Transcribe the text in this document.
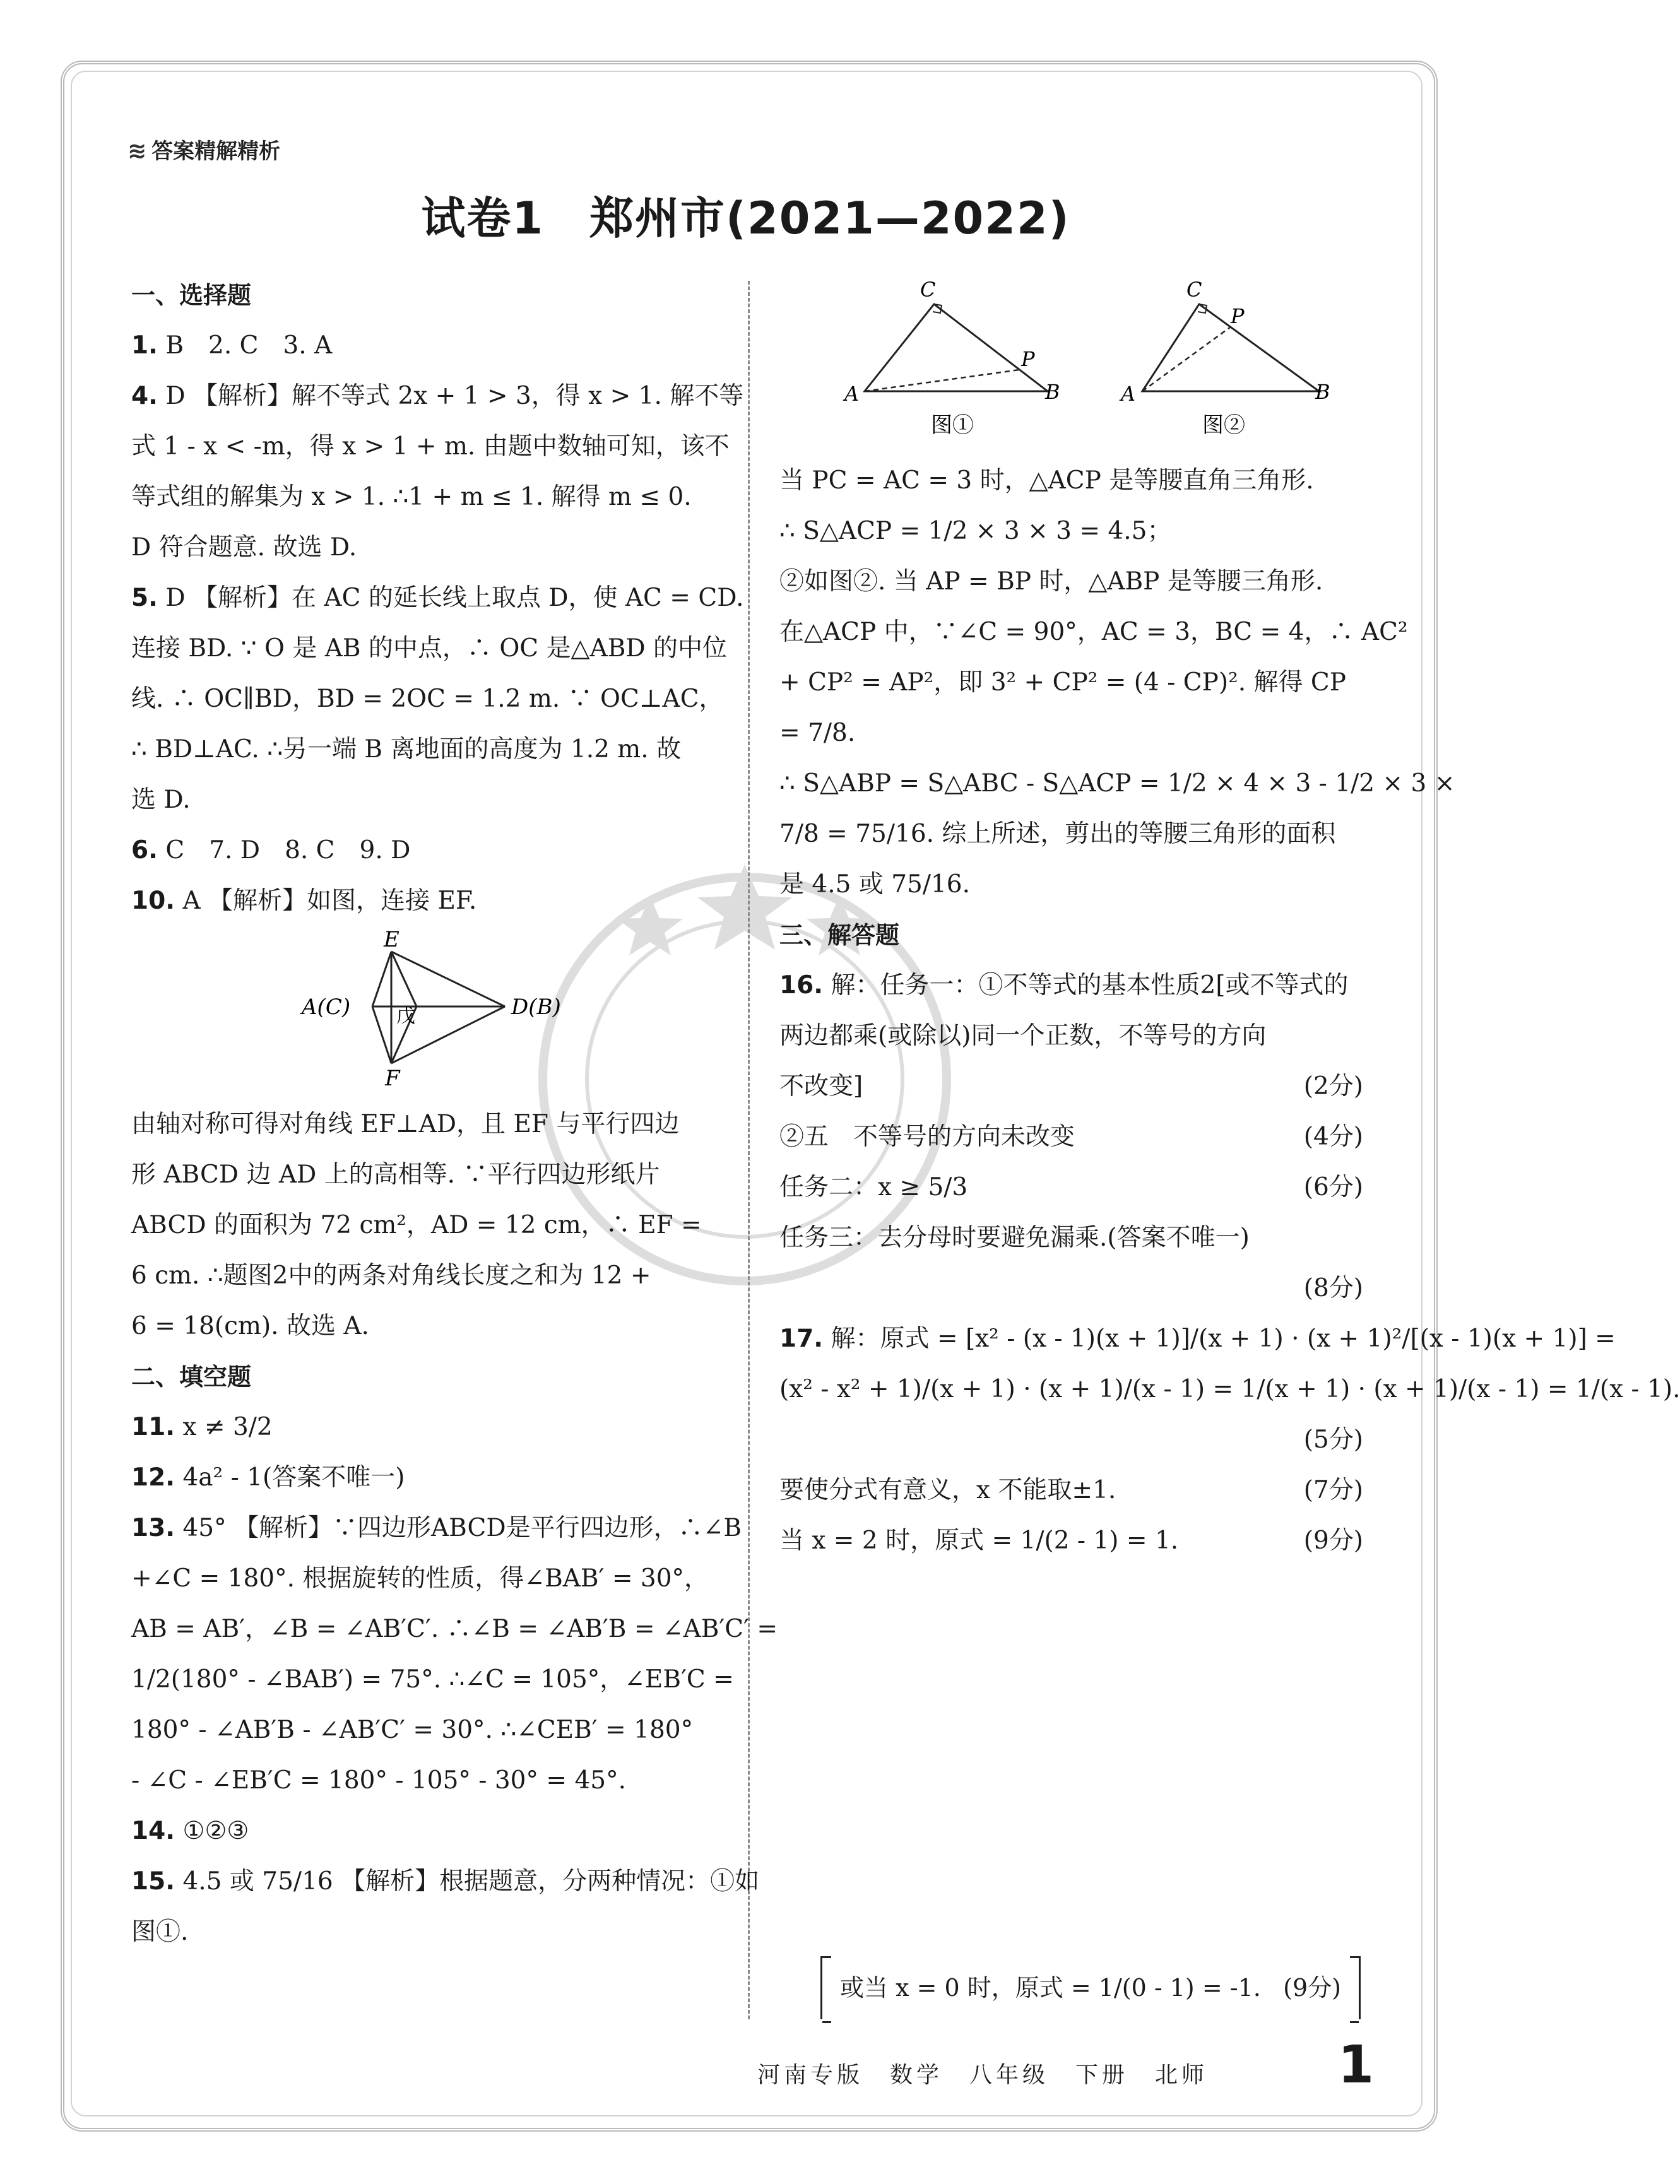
≋ 答案精解精析
试卷1　郑州市(2021—2022)
一、选择题
1. B　2. C　3. A
4. D 【解析】解不等式 2x + 1 > 3，得 x > 1. 解不等
式 1 - x < -m，得 x > 1 + m. 由题中数轴可知，该不
等式组的解集为 x > 1. ∴1 + m ≤ 1. 解得 m ≤ 0.
D 符合题意. 故选 D.
5. D 【解析】在 AC 的延长线上取点 D，使 AC = CD.
连接 BD. ∵ O 是 AB 的中点，∴ OC 是△ABD 的中位
线. ∴ OC∥BD，BD = 2OC = 1.2 m. ∵ OC⊥AC，
∴ BD⊥AC. ∴另一端 B 离地面的高度为 1.2 m. 故
选 D.
6. C　7. D　8. C　9. D
10. A 【解析】如图，连接 EF.
E
F
A(C)	D(B)
戊
由轴对称可得对角线 EF⊥AD，且 EF 与平行四边
形 ABCD 边 AD 上的高相等. ∵平行四边形纸片
ABCD 的面积为 72 cm²，AD = 12 cm，∴ EF =
6 cm. ∴题图2中的两条对角线长度之和为 12 +
6 = 18(cm). 故选 A.
二、填空题
11. x ≠ 3/2
12. 4a² - 1(答案不唯一)
13. 45° 【解析】∵四边形ABCD是平行四边形，∴∠B
+∠C = 180°. 根据旋转的性质，得∠BAB′ = 30°，
AB = AB′，∠B = ∠AB′C′. ∴∠B = ∠AB′B = ∠AB′C′ =
1/2(180° - ∠BAB′) = 75°. ∴∠C = 105°，∠EB′C =
180° - ∠AB′B - ∠AB′C′ = 30°. ∴∠CEB′ = 180°
- ∠C - ∠EB′C = 180° - 105° - 30° = 45°.
14. ①②③
15. 4.5 或 75/16 【解析】根据题意，分两种情况：①如
图①.
C
A
P
B
图①
C
A
P
B
图②
当 PC = AC = 3 时，△ACP 是等腰直角三角形.
∴ S△ACP = 1/2 × 3 × 3 = 4.5；
②如图②. 当 AP = BP 时，△ABP 是等腰三角形.
在△ACP 中，∵∠C = 90°，AC = 3，BC = 4，∴ AC²
+ CP² = AP²，即 3² + CP² = (4 - CP)². 解得 CP
= 7/8.
∴ S△ABP = S△ABC - S△ACP = 1/2 × 4 × 3 - 1/2 × 3 ×
7/8 = 75/16. 综上所述，剪出的等腰三角形的面积
是 4.5 或 75/16.
三、解答题
16. 解：任务一：①不等式的基本性质2[或不等式的
两边都乘(或除以)同一个正数，不等号的方向
不改变]	(2分)
②五　不等号的方向未改变	(4分)
任务二：x ≥ 5/3	(6分)
任务三：去分母时要避免漏乘.(答案不唯一)
(8分)
17. 解：原式 = [x² - (x - 1)(x + 1)]/(x + 1) · (x + 1)²/[(x - 1)(x + 1)] =
(x² - x² + 1)/(x + 1) · (x + 1)/(x - 1) = 1/(x + 1) · (x + 1)/(x - 1) = 1/(x - 1).
(5分)
要使分式有意义，x 不能取±1.	(7分)
当 x = 2 时，原式 = 1/(2 - 1) = 1.	(9分)
或当 x = 0 时，原式 = 1/(0 - 1) = -1. (9分)
河南专版　数学　八年级　下册　北师	1
